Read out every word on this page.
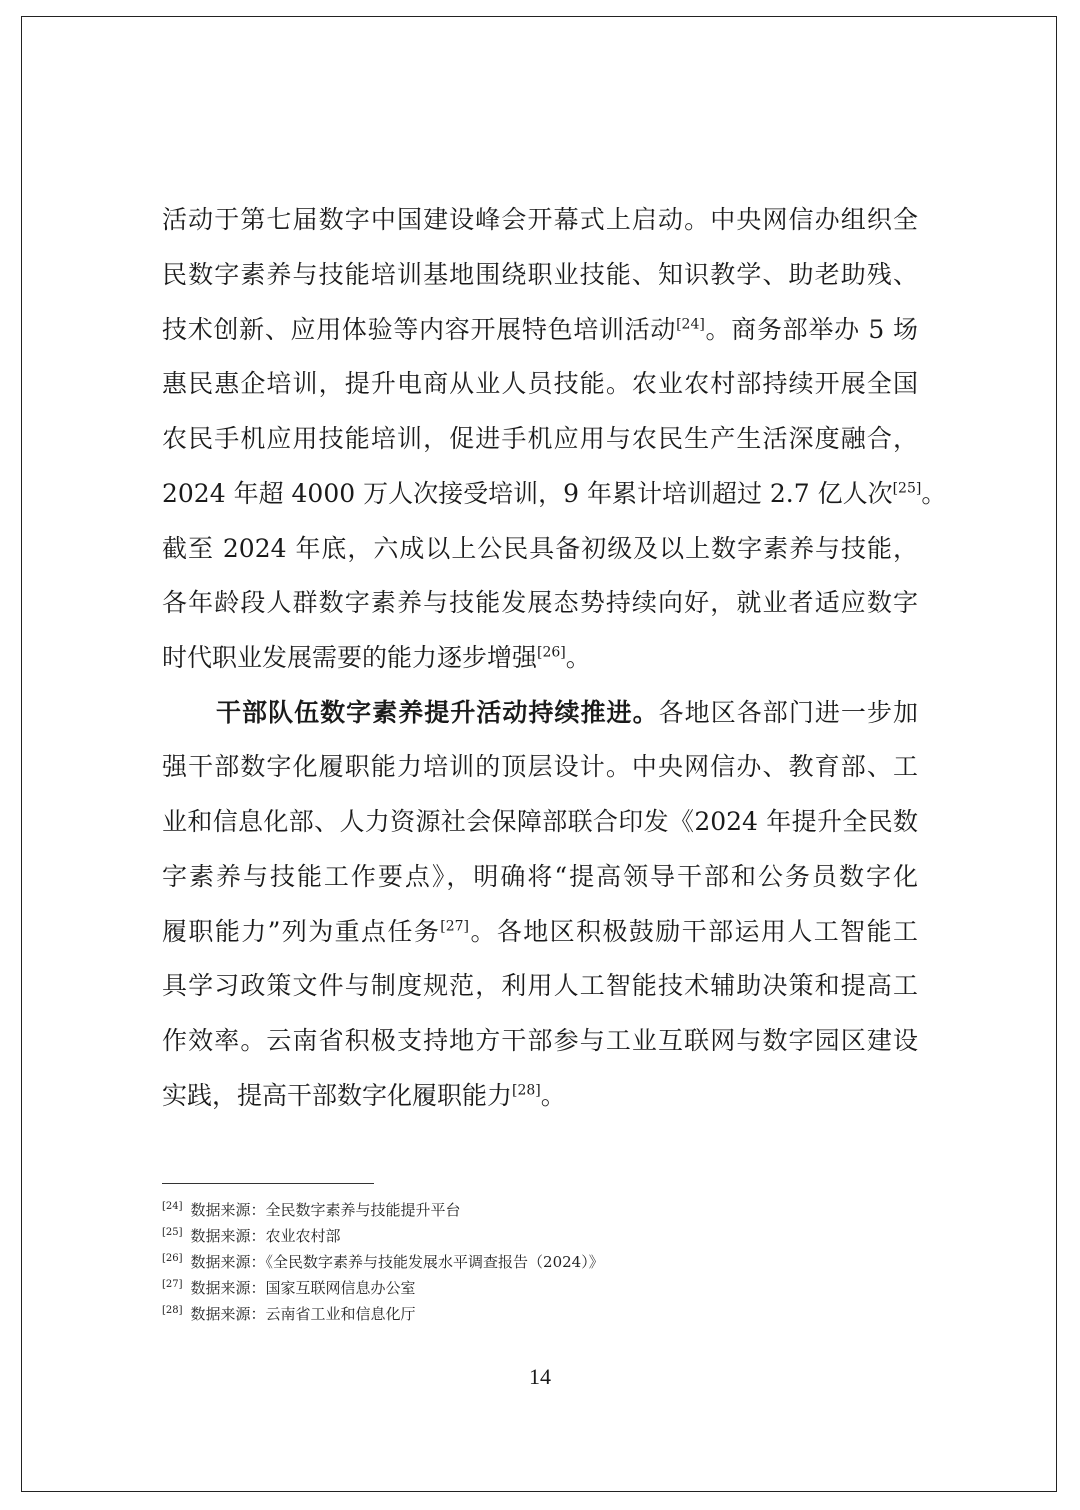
活动于第七届数字中国建设峰会开幕式上启动。中央网信办组织全
民数字素养与技能培训基地围绕职业技能、知识教学、助老助残、
技术创新、应用体验等内容开展特色培训活动[24]。商务部举办 5 场
惠民惠企培训，提升电商从业人员技能。农业农村部持续开展全国
农民手机应用技能培训，促进手机应用与农民生产生活深度融合，
2024 年超 4000 万人次接受培训，9 年累计培训超过 2.7 亿人次[25]。
截至 2024 年底，六成以上公民具备初级及以上数字素养与技能，
各年龄段人群数字素养与技能发展态势持续向好，就业者适应数字
时代职业发展需要的能力逐步增强[26]。
干部队伍数字素养提升活动持续推进。各地区各部门进一步加
强干部数字化履职能力培训的顶层设计。中央网信办、教育部、工
业和信息化部、人力资源社会保障部联合印发《2024 年提升全民数
字素养与技能工作要点》，明确将“提高领导干部和公务员数字化
履职能力”列为重点任务[27]。各地区积极鼓励干部运用人工智能工
具学习政策文件与制度规范，利用人工智能技术辅助决策和提高工
作效率。云南省积极支持地方干部参与工业互联网与数字园区建设
实践，提高干部数字化履职能力[28]。
[24] 数据来源：全民数字素养与技能提升平台
[25] 数据来源：农业农村部
[26] 数据来源：《全民数字素养与技能发展水平调查报告（2024）》
[27] 数据来源：国家互联网信息办公室
[28] 数据来源：云南省工业和信息化厅
14
